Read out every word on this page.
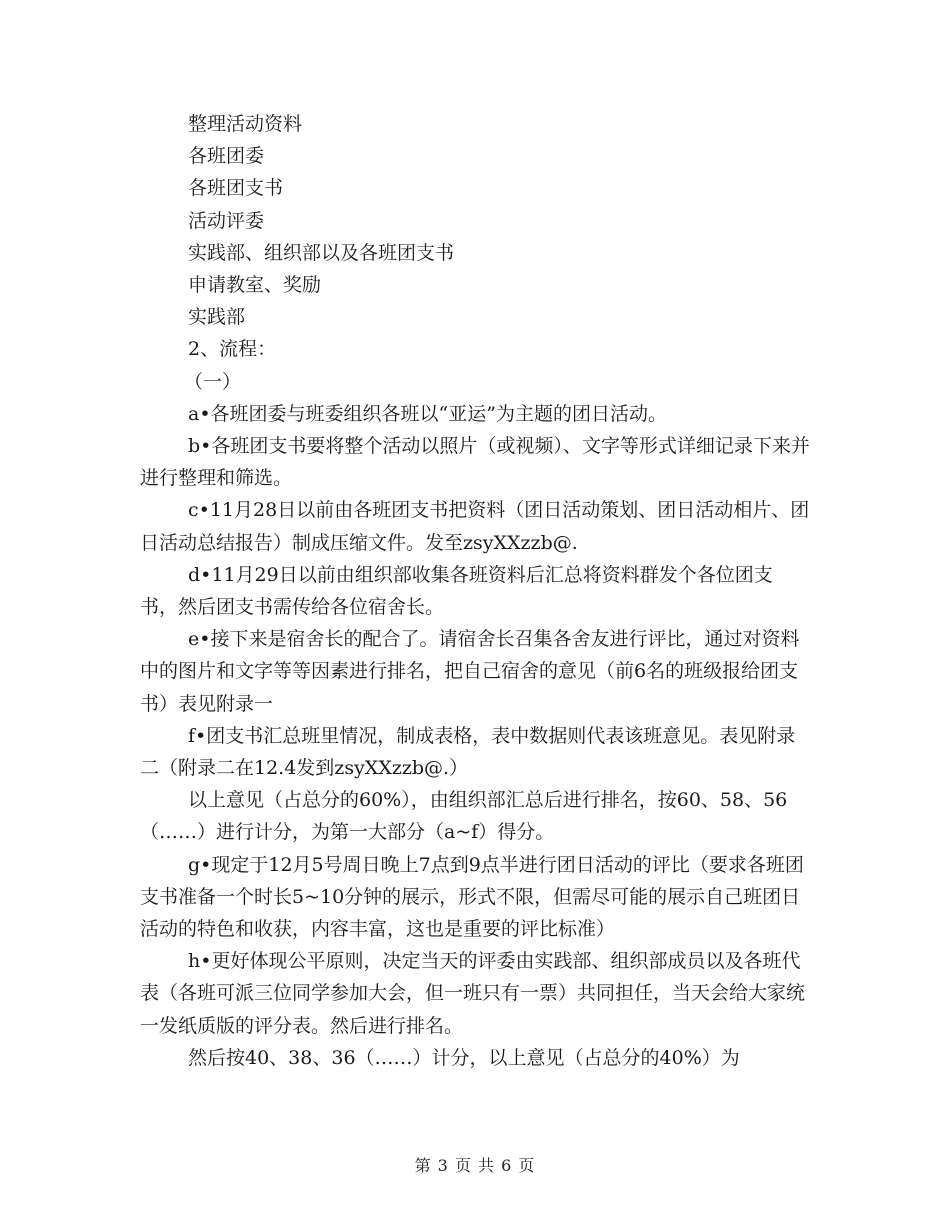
整理活动资料

各班团委

各班团支书

活动评委

实践部、组织部以及各班团支书

申请教室、奖励

实践部

2、流程：

（一）

a•各班团委与班委组织各班以“亚运”为主题的团日活动。

b•各班团支书要将整个活动以照片（或视频）、文字等形式详细记录下来并进行整理和筛选。

c•11月28日以前由各班团支书把资料（团日活动策划、团日活动相片、团日活动总结报告）制成压缩文件。发至zsyXXzzb@.

d•11月29日以前由组织部收集各班资料后汇总将资料群发个各位团支书，然后团支书需传给各位宿舍长。

e•接下来是宿舍长的配合了。请宿舍长召集各舍友进行评比，通过对资料中的图片和文字等等因素进行排名，把自己宿舍的意见（前6名的班级报给团支书）表见附录一

f•团支书汇总班里情况，制成表格，表中数据则代表该班意见。表见附录二（附录二在12.4发到zsyXXzzb@.）

以上意见（占总分的60%），由组织部汇总后进行排名，按60、58、56（……）进行计分，为第一大部分（a~f）得分。

g•现定于12月5号周日晚上7点到9点半进行团日活动的评比（要求各班团支书准备一个时长5~10分钟的展示，形式不限，但需尽可能的展示自己班团日活动的特色和收获，内容丰富，这也是重要的评比标准）

h•更好体现公平原则，决定当天的评委由实践部、组织部成员以及各班代表（各班可派三位同学参加大会，但一班只有一票）共同担任，当天会给大家统一发纸质版的评分表。然后进行排名。

然后按40、38、36（……）计分，以上意见（占总分的40%）为

第 3 页 共 6 页
